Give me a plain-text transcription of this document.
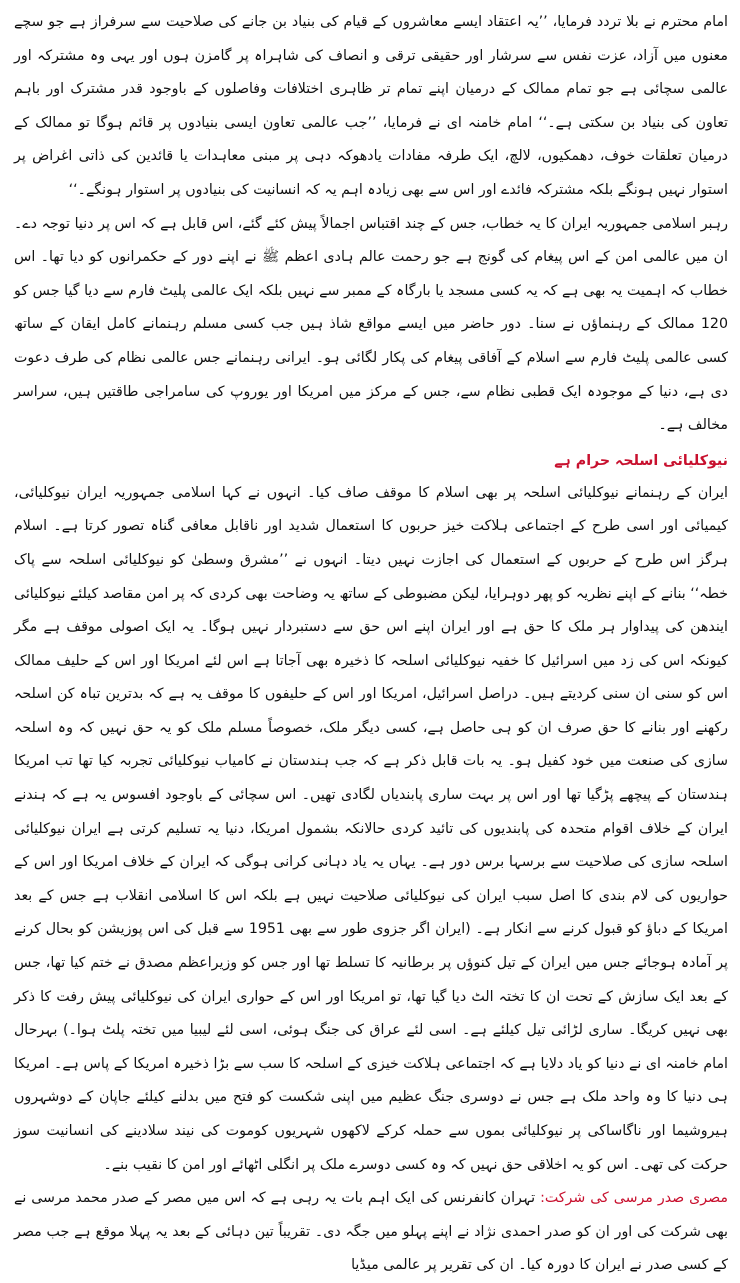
امام محترم نے بلا تردد فرمایا، ’’یہ اعتقاد ایسے معاشروں کے قیام کی بنیاد بن جانے کی صلاحیت سے سرفراز ہے جو سچے معنوں میں آزاد، عزت نفس سے سرشار اور حقیقی ترقی و انصاف کی شاہراہ پر گامزن ہوں اور یہی وہ مشترکہ اور عالمی سچائی ہے جو تمام ممالک کے درمیان اپنے تمام تر ظاہری اختلافات وفاصلوں کے باوجود قدر مشترک اور باہم تعاون کی بنیاد بن سکتی ہے۔‘‘ امام خامنہ ای نے فرمایا، ’’جب عالمی تعاون ایسی بنیادوں پر قائم ہوگا تو ممالک کے درمیان تعلقات خوف، دھمکیوں، لالچ، ایک طرفہ مفادات یادھوکہ دہی پر مبنی معاہدات یا قائدین کی ذاتی اغراض پر استوار نہیں ہونگے بلکہ مشترکہ فائدے اور اس سے بھی زیادہ اہم یہ کہ انسانیت کی بنیادوں پر استوار ہونگے۔‘‘

رہبر اسلامی جمہوریہ ایران کا یہ خطاب، جس کے چند اقتباس اجمالاً پیش کئے گئے، اس قابل ہے کہ اس پر دنیا توجہ دے۔ ان میں عالمی امن کے اس پیغام کی گونج ہے جو رحمت عالم ہادی اعظم ﷺ نے اپنے دور کے حکمرانوں کو دیا تھا۔ اس خطاب کہ اہمیت یہ بھی ہے کہ یہ کسی مسجد یا بارگاہ کے ممبر سے نہیں بلکہ ایک عالمی پلیٹ فارم سے دیا گیا جس کو 120 ممالک کے رہنماؤں نے سنا۔ دور حاضر میں ایسے مواقع شاذ ہیں جب کسی مسلم رہنمانے کامل ایقان کے ساتھ کسی عالمی پلیٹ فارم سے اسلام کے آفاقی پیغام کی پکار لگائی ہو۔ ایرانی رہنمانے جس عالمی نظام کی طرف دعوت دی ہے، دنیا کے موجودہ ایک قطبی نظام سے، جس کے مرکز میں امریکا اور یوروپ کی سامراجی طاقتیں ہیں، سراسر مخالف ہے۔

نیوکلیائی اسلحہ حرام ہے

ایران کے رہنمانے نیوکلیائی اسلحہ پر بھی اسلام کا موقف صاف کیا۔ انہوں نے کہا اسلامی جمہوریہ ایران نیوکلیائی، کیمیائی اور اسی طرح کے اجتماعی ہلاکت خیز حربوں کا استعمال شدید اور ناقابل معافی گناہ تصور کرتا ہے۔ اسلام ہرگز اس طرح کے حربوں کے استعمال کی اجازت نہیں دیتا۔ انہوں نے ’’مشرق وسطیٰ کو نیوکلیائی اسلحہ سے پاک خطہ‘‘ بنانے کے اپنے نظریہ کو پھر دوہرایا، لیکن مضبوطی کے ساتھ یہ وضاحت بھی کردی کہ پر امن مقاصد کیلئے نیوکلیائی ایندھن کی پیداوار ہر ملک کا حق ہے اور ایران اپنے اس حق سے دستبردار نہیں ہوگا۔ یہ ایک اصولی موقف ہے مگر کیونکہ اس کی زد میں اسرائیل کا خفیہ نیوکلیائی اسلحہ کا ذخیرہ بھی آجاتا ہے اس لئے امریکا اور اس کے حلیف ممالک اس کو سنی ان سنی کردیتے ہیں۔ دراصل اسرائیل، امریکا اور اس کے حلیفوں کا موقف یہ ہے کہ بدترین تباہ کن اسلحہ رکھنے اور بنانے کا حق صرف ان کو ہی حاصل ہے، کسی دیگر ملک، خصوصاً مسلم ملک کو یہ حق نہیں کہ وہ اسلحہ سازی کی صنعت میں خود کفیل ہو۔ یہ بات قابل ذکر ہے کہ جب ہندستان نے کامیاب نیوکلیائی تجربہ کیا تھا تب امریکا ہندستان کے پیچھے پڑگیا تھا اور اس پر بہت ساری پابندیاں لگادی تھیں۔ اس سچائی کے باوجود افسوس یہ ہے کہ ہندنے ایران کے خلاف اقوام متحدہ کی پابندیوں کی تائید کردی حالانکہ بشمول امریکا، دنیا یہ تسلیم کرتی ہے ایران نیوکلیائی اسلحہ سازی کی صلاحیت سے برسہا برس دور ہے۔ یہاں یہ یاد دہانی کرانی ہوگی کہ ایران کے خلاف امریکا اور اس کے حواریوں کی لام بندی کا اصل سبب ایران کی نیوکلیائی صلاحیت نہیں ہے بلکہ اس کا اسلامی انقلاب ہے جس کے بعد امریکا کے دباؤ کو قبول کرنے سے انکار ہے۔ (ایران اگر جزوی طور سے بھی 1951 سے قبل کی اس پوزیشن کو بحال کرنے پر آمادہ ہوجائے جس میں ایران کے تیل کنوؤں پر برطانیہ کا تسلط تھا اور جس کو وزیراعظم مصدق نے ختم کیا تھا، جس کے بعد ایک سازش کے تحت ان کا تختہ الٹ دیا گیا تھا، تو امریکا اور اس کے حواری ایران کی نیوکلیائی پیش رفت کا ذکر بھی نہیں کریگا۔ ساری لڑائی تیل کیلئے ہے۔ اسی لئے عراق کی جنگ ہوئی، اسی لئے لیبیا میں تختہ پلٹ ہوا۔) بہرحال امام خامنہ ای نے دنیا کو یاد دلایا ہے کہ اجتماعی ہلاکت خیزی کے اسلحہ کا سب سے بڑا ذخیرہ امریکا کے پاس ہے۔ امریکا ہی دنیا کا وہ واحد ملک ہے جس نے دوسری جنگ عظیم میں اپنی شکست کو فتح میں بدلنے کیلئے جاپان کے دوشہروں ہیروشیما اور ناگاساکی پر نیوکلیائی بموں سے حملہ کرکے لاکھوں شہریوں کوموت کی نیند سلادینے کی انسانیت سوز حرکت کی تھی۔ اس کو یہ اخلاقی حق نہیں کہ وہ کسی دوسرے ملک پر انگلی اٹھائے اور امن کا نقیب بنے۔

مصری صدر مرسی کی شرکت: تہران کانفرنس کی ایک اہم بات یہ رہی ہے کہ اس میں مصر کے صدر محمد مرسی نے بھی شرکت کی اور ان کو صدر احمدی نژاد نے اپنے پہلو میں جگہ دی۔ تقریباً تین دہائی کے بعد یہ پہلا موقع ہے جب مصر کے کسی صدر نے ایران کا دورہ کیا۔ ان کی تقریر پر عالمی میڈیا
